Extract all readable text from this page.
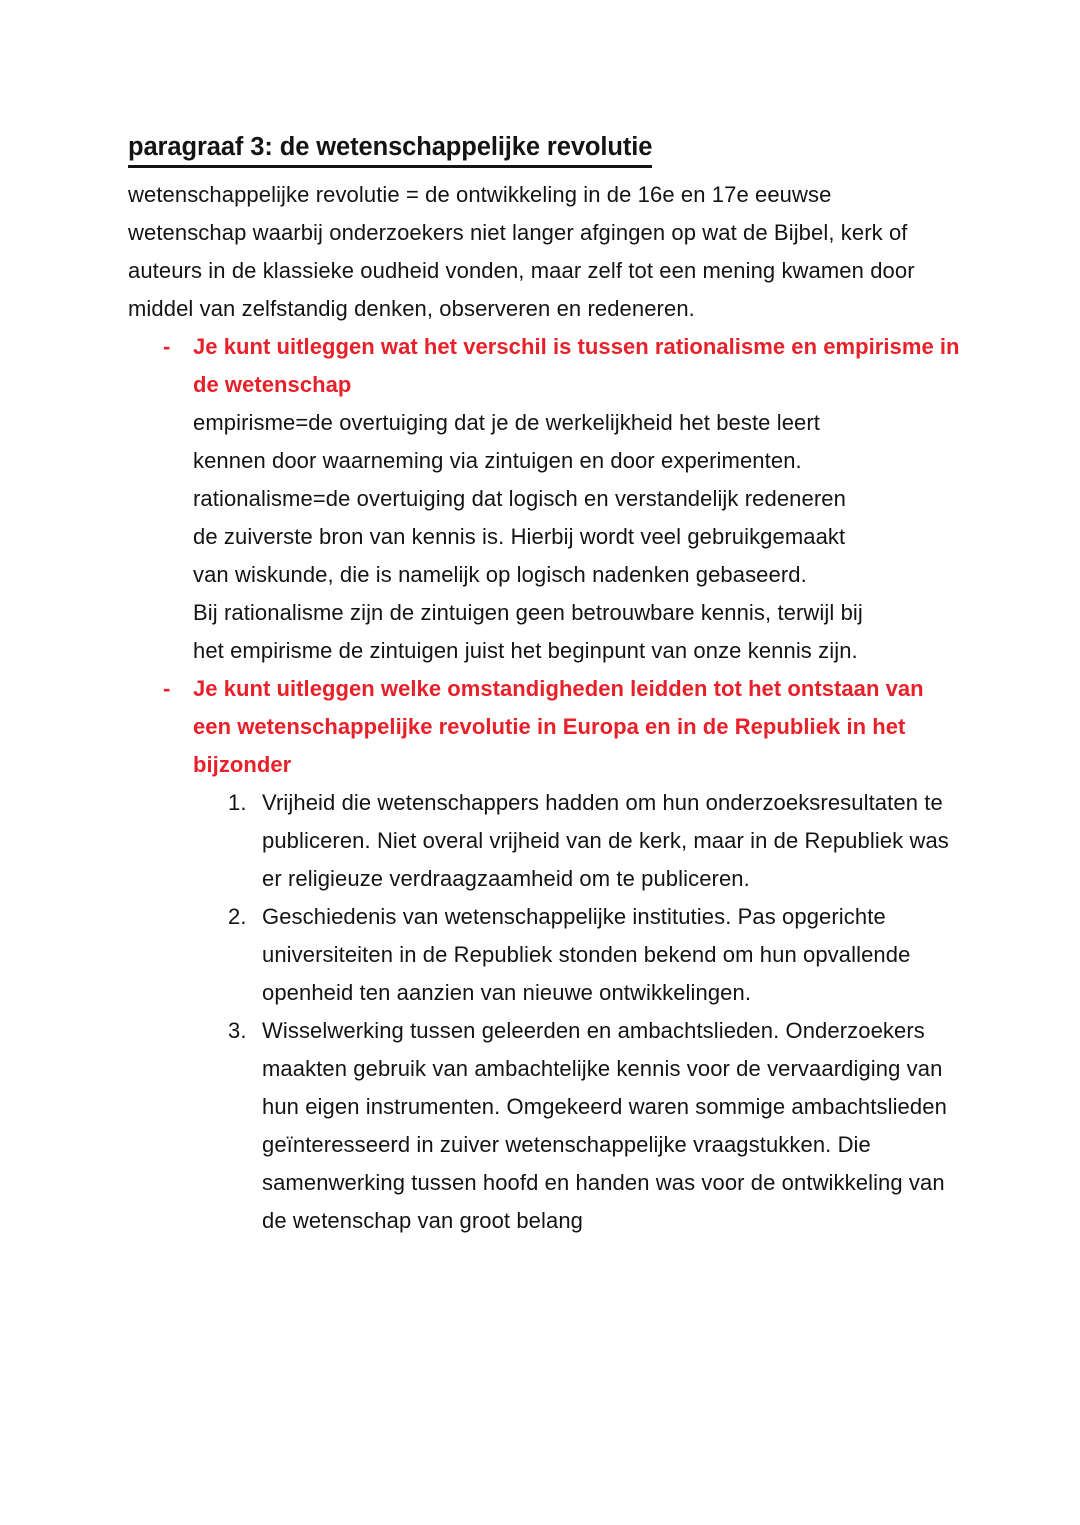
paragraaf 3: de wetenschappelijke revolutie

wetenschappelijke revolutie = de ontwikkeling in de 16e en 17e eeuwse wetenschap waarbij onderzoekers niet langer afgingen op wat de Bijbel, kerk of auteurs in de klassieke oudheid vonden, maar zelf tot een mening kwamen door middel van zelfstandig denken, observeren en redeneren.

- Je kunt uitleggen wat het verschil is tussen rationalisme en empirisme in de wetenschap
empirisme=de overtuiging dat je de werkelijkheid het beste leert
kennen door waarneming via zintuigen en door experimenten.
rationalisme=de overtuiging dat logisch en verstandelijk redeneren
de zuiverste bron van kennis is. Hierbij wordt veel gebruikgemaakt
van wiskunde, die is namelijk op logisch nadenken gebaseerd.
Bij rationalisme zijn de zintuigen geen betrouwbare kennis, terwijl bij
het empirisme de zintuigen juist het beginpunt van onze kennis zijn.
- Je kunt uitleggen welke omstandigheden leidden tot het ontstaan van een wetenschappelijke revolutie in Europa en in de Republiek in het bijzonder
1. Vrijheid die wetenschappers hadden om hun onderzoeksresultaten te publiceren. Niet overal vrijheid van de kerk, maar in de Republiek was er religieuze verdraagzaamheid om te publiceren.
2. Geschiedenis van wetenschappelijke instituties. Pas opgerichte universiteiten in de Republiek stonden bekend om hun opvallende openheid ten aanzien van nieuwe ontwikkelingen.
3. Wisselwerking tussen geleerden en ambachtslieden. Onderzoekers maakten gebruik van ambachtelijke kennis voor de vervaardiging van hun eigen instrumenten. Omgekeerd waren sommige ambachtslieden geïnteresseerd in zuiver wetenschappelijke vraagstukken. Die samenwerking tussen hoofd en handen was voor de ontwikkeling van de wetenschap van groot belang
